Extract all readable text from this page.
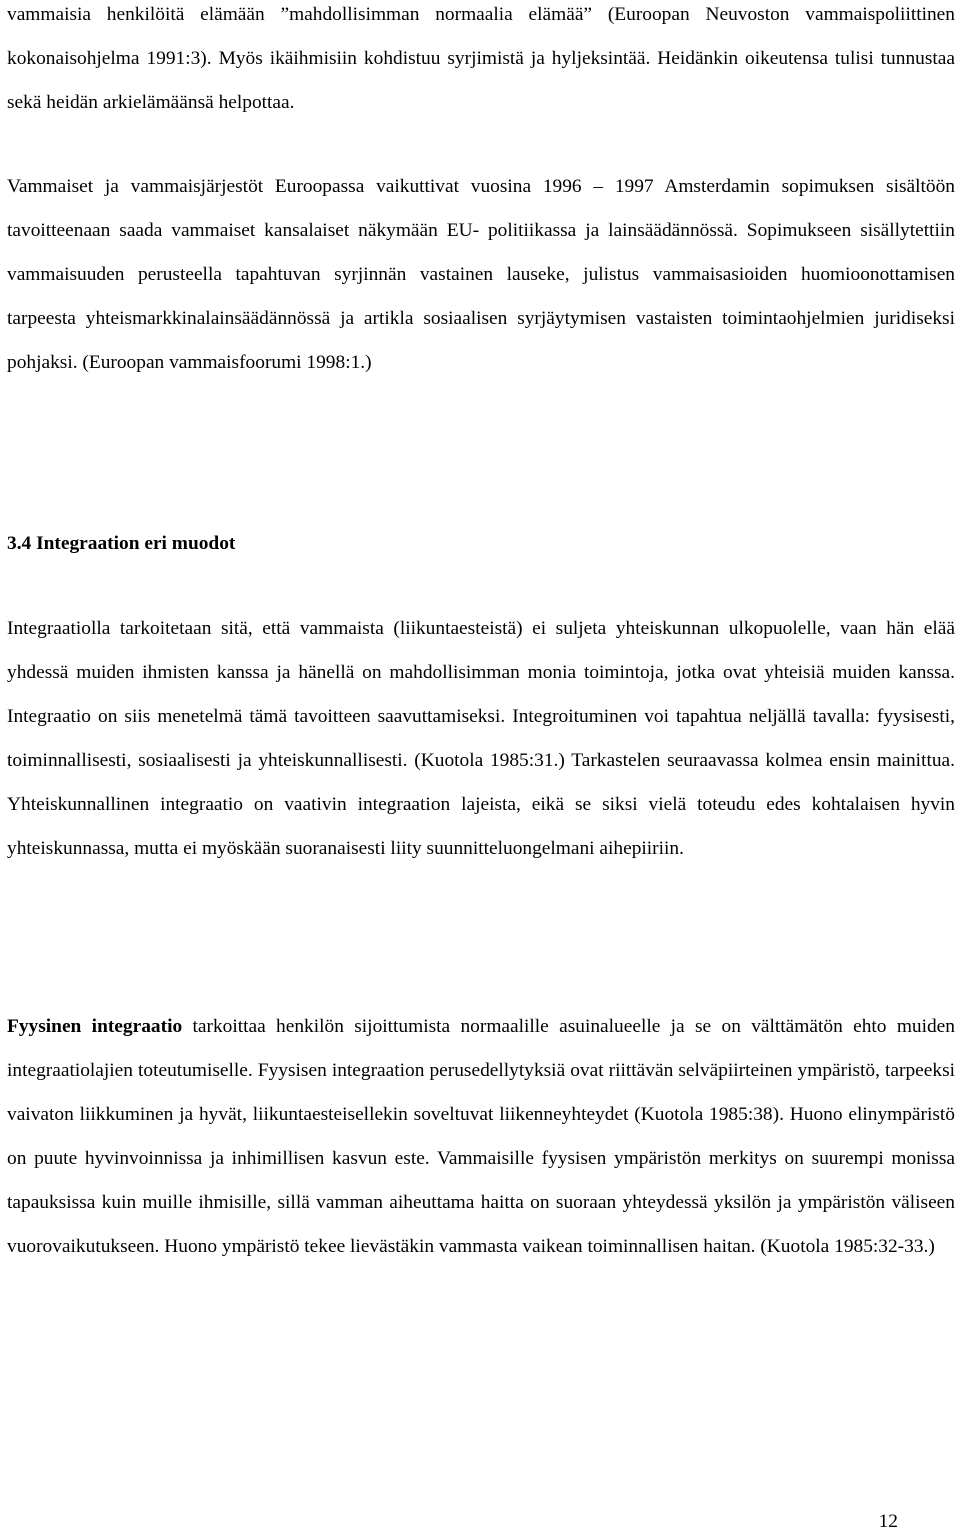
vammaisia henkilöitä elämään ”mahdollisimman normaalia elämää” (Euroopan Neuvoston vammaispoliittinen kokonaisohjelma 1991:3). Myös ikäihmisiin kohdistuu syrjimistä ja hyljeksintää. Heidänkin oikeutensa tulisi tunnustaa sekä heidän arkielämäänsä helpottaa.

Vammaiset ja vammaisjärjestöt Euroopassa vaikuttivat vuosina 1996 – 1997 Amsterdamin sopimuksen sisältöön tavoitteenaan saada vammaiset kansalaiset näkymään EU- politiikassa ja lainsäädännössä. Sopimukseen sisällytettiin vammaisuuden perusteella tapahtuvan syrjinnän vastainen lauseke, julistus vammaisasioiden huomioonottamisen tarpeesta yhteismarkkinalainsäädännössä ja artikla sosiaalisen syrjäytymisen vastaisten toimintaohjelmien juridiseksi pohjaksi. (Euroopan vammaisfoorumi 1998:1.)

3.4 Integraation eri muodot

Integraatiolla tarkoitetaan sitä, että vammaista (liikuntaesteistä) ei suljeta yhteiskunnan ulkopuolelle, vaan hän elää yhdessä muiden ihmisten kanssa ja hänellä on mahdollisimman monia toimintoja, jotka ovat yhteisiä muiden kanssa. Integraatio on siis menetelmä tämä tavoitteen saavuttamiseksi. Integroituminen voi tapahtua neljällä tavalla: fyysisesti, toiminnallisesti, sosiaalisesti ja yhteiskunnallisesti. (Kuotola 1985:31.) Tarkastelen seuraavassa kolmea ensin mainittua. Yhteiskunnallinen integraatio on vaativin integraation lajeista, eikä se siksi vielä toteudu edes kohtalaisen hyvin yhteiskunnassa, mutta ei myöskään suoranaisesti liity suunnitteluongelmani aihepiiriin.

Fyysinen integraatio tarkoittaa henkilön sijoittumista normaalille asuinalueelle ja se on välttämätön ehto muiden integraatiolajien toteutumiselle. Fyysisen integraation perusedellytyksiä ovat riittävän selväpiirteinen ympäristö, tarpeeksi vaivaton liikkuminen ja hyvät, liikuntaesteisellekin soveltuvat liikenneyhteydet (Kuotola 1985:38). Huono elinympäristö on puute hyvinvoinnissa ja inhimillisen kasvun este. Vammaisille fyysisen ympäristön merkitys on suurempi monissa tapauksissa kuin muille ihmisille, sillä vamman aiheuttama haitta on suoraan yhteydessä yksilön ja ympäristön väliseen vuorovaikutukseen. Huono ympäristö tekee lievästäkin vammasta vaikean toiminnallisen haitan. (Kuotola 1985:32-33.)

12
